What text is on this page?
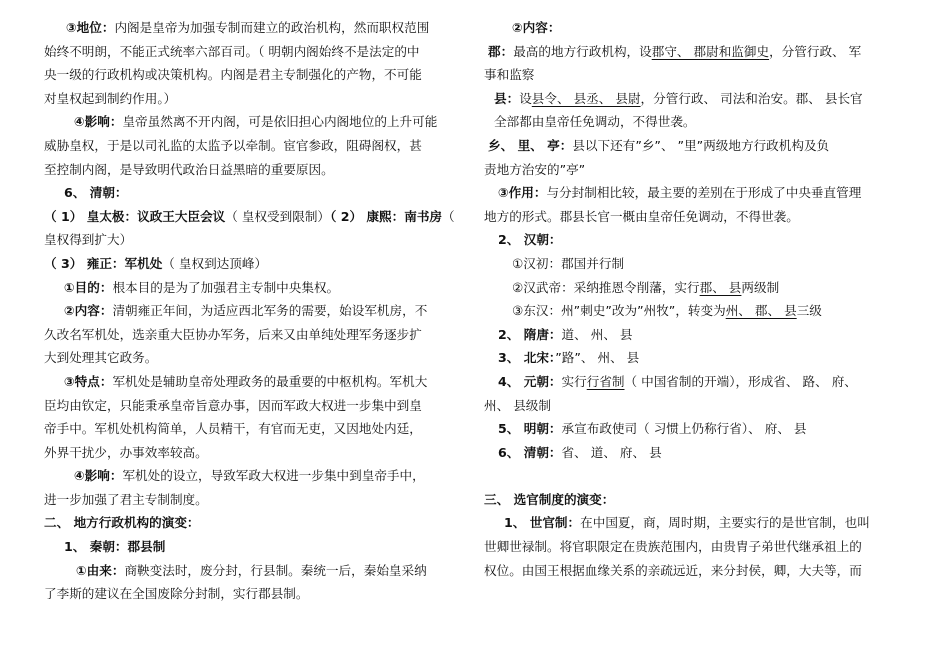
③地位：内阁是皇帝为加强专制而建立的政治机构，然而职权范围

始终不明朗，不能正式统率六部百司。（ 明朝内阁始终不是法定的中

央一级的行政机构或决策机构。内阁是君主专制强化的产物，不可能

对皇权起到制约作用。）

④影响：皇帝虽然离不开内阁，可是依旧担心内阁地位的上升可能

威胁皇权，于是以司礼监的太监予以牵制。宦官参政，阻碍阁权，甚

至控制内阁，是导致明代政治日益黑暗的重要原因。

6、 清朝：

（ 1） 皇太极：议政王大臣会议（ 皇权受到限制）（ 2） 康熙：南书房（

皇权得到扩大）

（ 3） 雍正：军机处（ 皇权到达顶峰）

①目的：根本目的是为了加强君主专制中央集权。

②内容：清朝雍正年间，为适应西北军务的需要，始设军机房，不

久改名军机处，选亲重大臣协办军务，后来又由单纯处理军务逐步扩

大到处理其它政务。

③特点：军机处是辅助皇帝处理政务的最重要的中枢机构。军机大

臣均由钦定，只能秉承皇帝旨意办事，因而军政大权进一步集中到皇

帝手中。军机处机构简单，人员精干，有官而无吏，又因地处内廷，

外界干扰少，办事效率较高。

④影响：军机处的设立，导致军政大权进一步集中到皇帝手中，

进一步加强了君主专制制度。

二、 地方行政机构的演变：

1、 秦朝：郡县制

①由来：商鞅变法时，废分封，行县制。秦统一后，秦始皇采纳

了李斯的建议在全国废除分封制，实行郡县制。

②内容：

郡：最高的地方行政机构，设郡守、 郡尉和监御史，分管行政、 军

事和监察

县：设县令、 县丞、 县尉，分管行政、 司法和治安。郡、 县长官

全部都由皇帝任免调动，不得世袭。

乡、 里、 亭：县以下还有”乡”、 ”里”两级地方行政机构及负

责地方治安的”亭”

③作用：与分封制相比较，最主要的差别在于形成了中央垂直管理

地方的形式。郡县长官一概由皇帝任免调动，不得世袭。

2、 汉朝：

①汉初：郡国并行制

②汉武帝：采纳推恩令削藩，实行郡、 县两级制

③东汉：州”刺史”改为”州牧”，转变为州、 郡、 县三级

2、 隋唐：道、 州、 县

3、 北宋：”路”、 州、 县

4、 元朝：实行行省制（ 中国省制的开端），形成省、 路、 府、

州、 县级制

5、 明朝：承宣布政使司（ 习惯上仍称行省）、 府、 县

6、 清朝：省、 道、 府、 县

三、 选官制度的演变：

1、 世官制：在中国夏，商，周时期，主要实行的是世官制，也叫

世卿世禄制。将官职限定在贵族范围内，由贵胄子弟世代继承祖上的

权位。由国王根据血缘关系的亲疏远近，来分封侯，卿，大夫等，而
